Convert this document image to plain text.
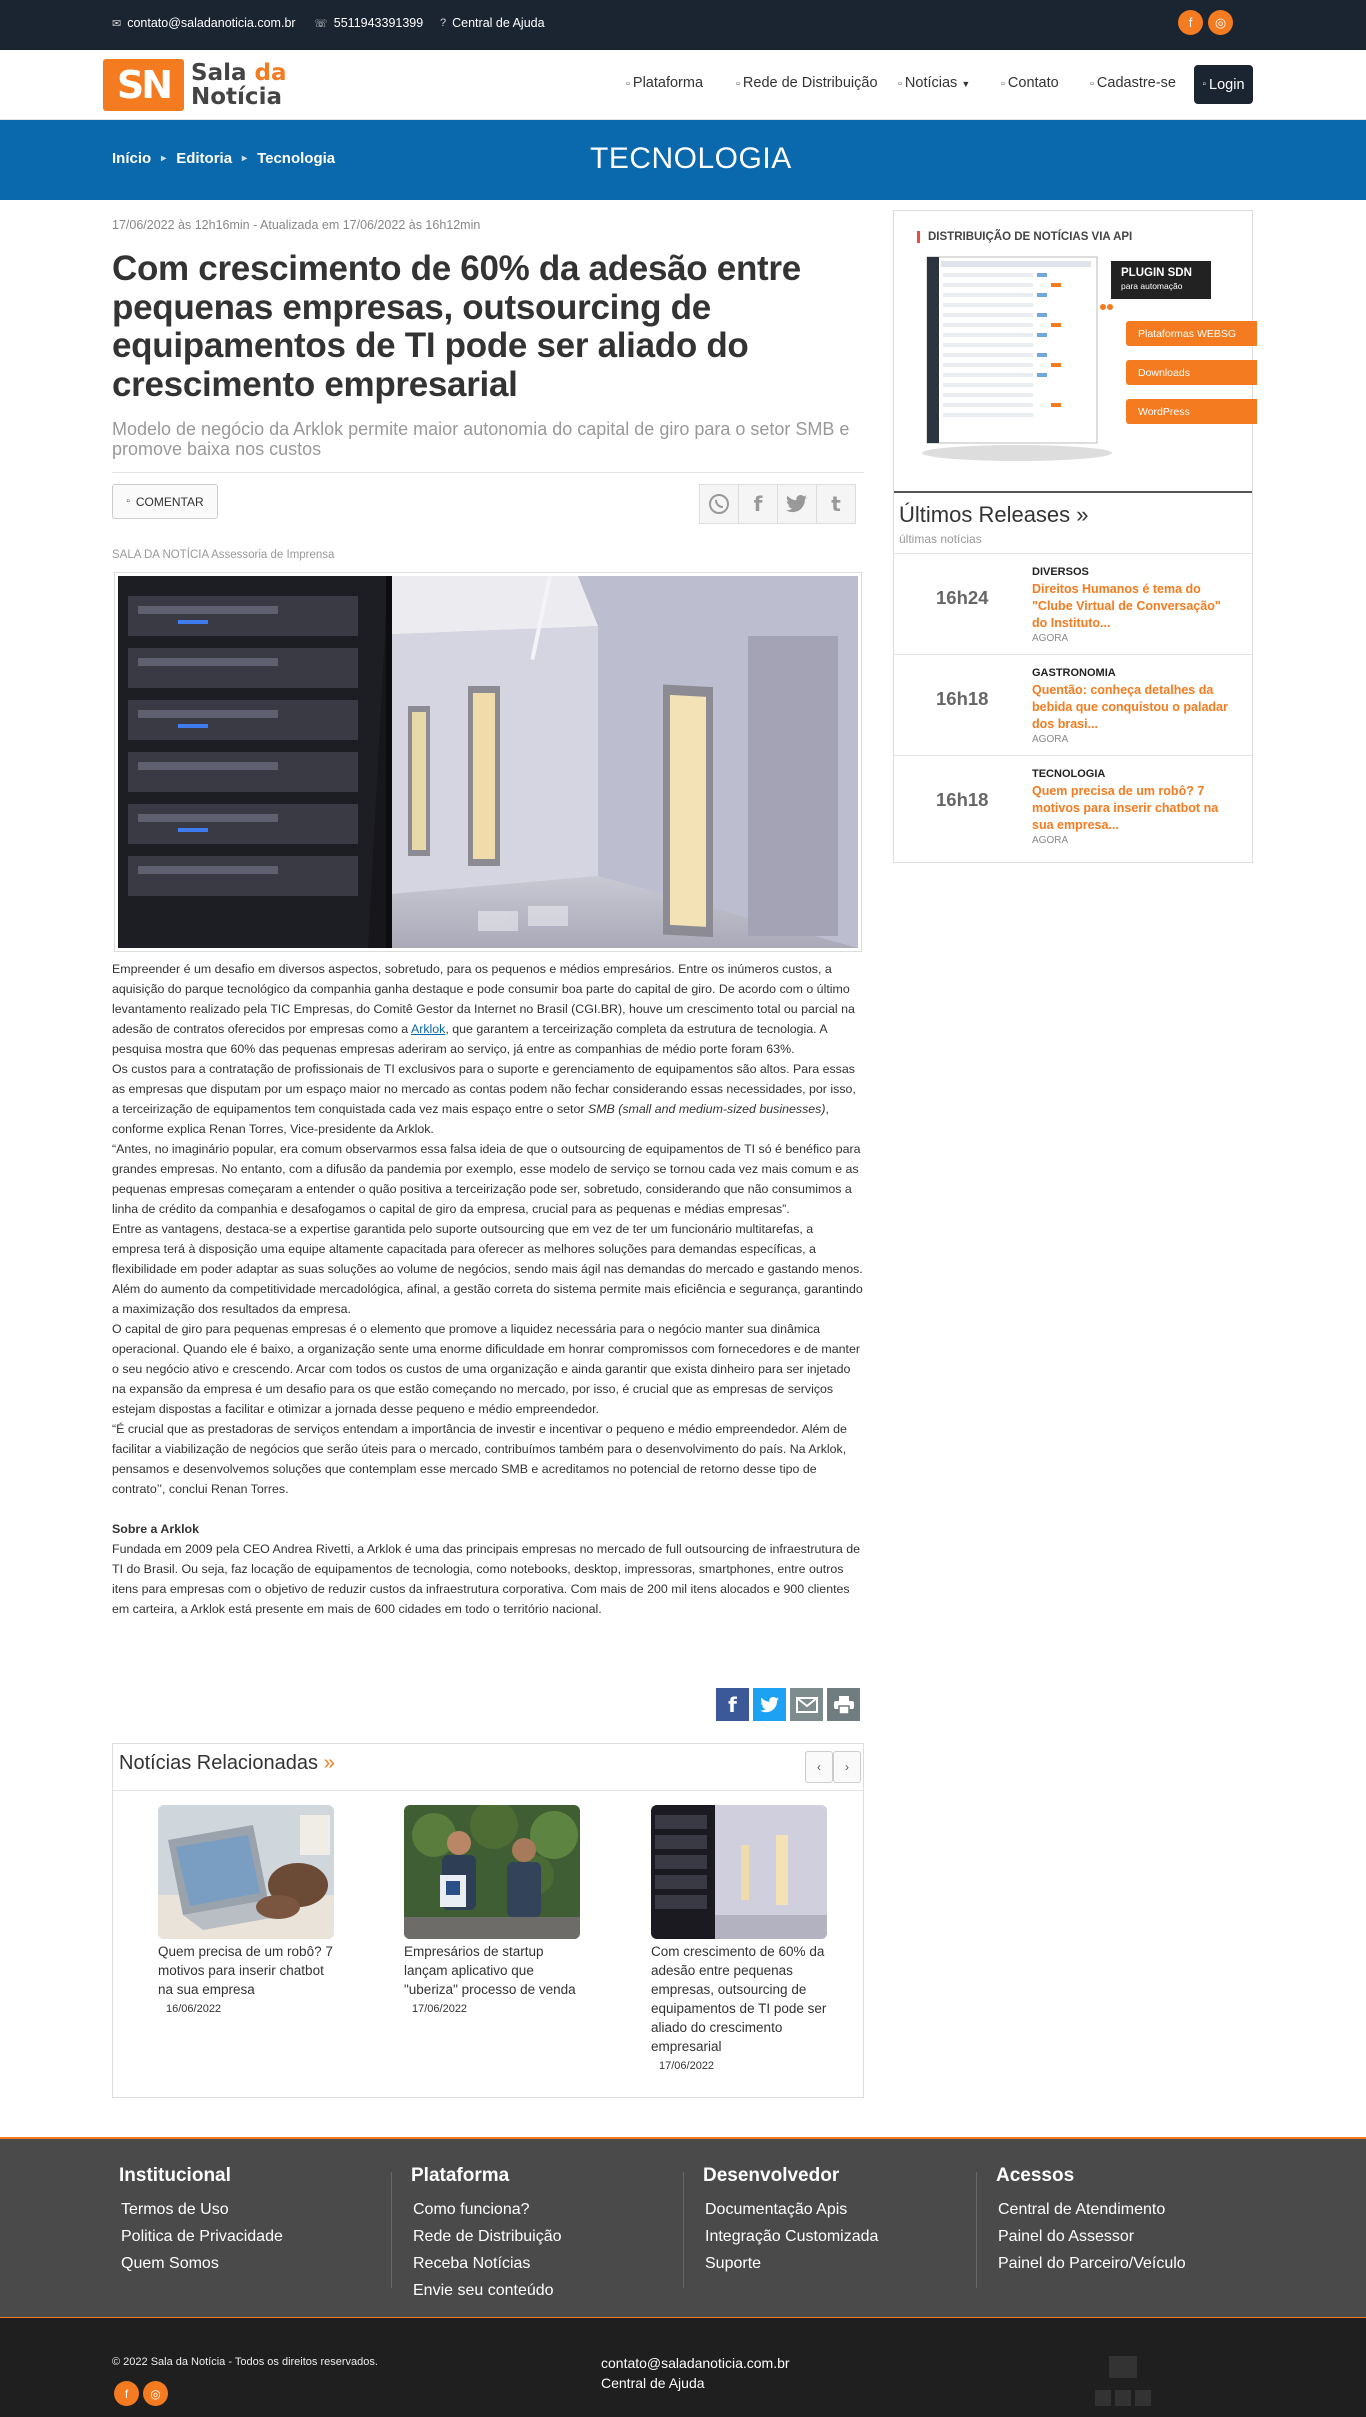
✉ contato@saladanoticia.com.br ☏ 5511943391399 ? Central de Ajuda	f	◎
SN Sala da
Notícia	▫ Plataforma	▫ Rede de Distribuição ▫ Notícias ▼	▫ Contato	▫ Cadastre-se	▫ Login
Início ▸ Editoria ▸ Tecnologia	TECNOLOGIA
17/06/2022 às 12h16min - Atualizada em 17/06/2022 às 16h12min
Com crescimento de 60% da adesão entre pequenas empresas, outsourcing de equipamentos de TI pode ser aliado do crescimento empresarial
Modelo de negócio da Arklok permite maior autonomia do capital de giro para o setor SMB e promove baixa nos custos
▫ COMENTAR	f	t
SALA DA NOTÍCIA Assessoria de Imprensa

Empreender é um desafio em diversos aspectos, sobretudo, para os pequenos e médios empresários. Entre os inúmeros custos, a aquisição do parque tecnológico da companhia ganha destaque e pode consumir boa parte do capital de giro. De acordo com o último levantamento realizado pela TIC Empresas, do Comitê Gestor da Internet no Brasil (CGI.BR), houve um crescimento total ou parcial na adesão de contratos oferecidos por empresas como a Arklok, que garantem a terceirização completa da estrutura de tecnologia. A pesquisa mostra que 60% das pequenas empresas aderiram ao serviço, já entre as companhias de médio porte foram 63%.

Os custos para a contratação de profissionais de TI exclusivos para o suporte e gerenciamento de equipamentos são altos. Para essas as empresas que disputam por um espaço maior no mercado as contas podem não fechar considerando essas necessidades, por isso, a terceirização de equipamentos tem conquistada cada vez mais espaço entre o setor SMB (small and medium-sized businesses), conforme explica Renan Torres, Vice-presidente da Arklok.

“Antes, no imaginário popular, era comum observarmos essa falsa ideia de que o outsourcing de equipamentos de TI só é benéfico para grandes empresas. No entanto, com a difusão da pandemia por exemplo, esse modelo de serviço se tornou cada vez mais comum e as pequenas empresas começaram a entender o quão positiva a terceirização pode ser, sobretudo, considerando que não consumimos a linha de crédito da companhia e desafogamos o capital de giro da empresa, crucial para as pequenas e médias empresas”.

Entre as vantagens, destaca-se a expertise garantida pelo suporte outsourcing que em vez de ter um funcionário multitarefas, a empresa terá à disposição uma equipe altamente capacitada para oferecer as melhores soluções para demandas específicas, a flexibilidade em poder adaptar as suas soluções ao volume de negócios, sendo mais ágil nas demandas do mercado e gastando menos. Além do aumento da competitividade mercadológica, afinal, a gestão correta do sistema permite mais eficiência e segurança, garantindo a maximização dos resultados da empresa.

O capital de giro para pequenas empresas é o elemento que promove a liquidez necessária para o negócio manter sua dinâmica operacional. Quando ele é baixo, a organização sente uma enorme dificuldade em honrar compromissos com fornecedores e de manter o seu negócio ativo e crescendo. Arcar com todos os custos de uma organização e ainda garantir que exista dinheiro para ser injetado na expansão da empresa é um desafio para os que estão começando no mercado, por isso, é crucial que as empresas de serviços estejam dispostas a facilitar e otimizar a jornada desse pequeno e médio empreendedor.

“É crucial que as prestadoras de serviços entendam a importância de investir e incentivar o pequeno e médio empreendedor. Além de facilitar a viabilização de negócios que serão úteis para o mercado, contribuímos também para o desenvolvimento do país. Na Arklok, pensamos e desenvolvemos soluções que contemplam esse mercado SMB e acreditamos no potencial de retorno desse tipo de contrato’’, conclui Renan Torres.

Sobre a Arklok

Fundada em 2009 pela CEO Andrea Rivetti, a Arklok é uma das principais empresas no mercado de full outsourcing de infraestrutura de TI do Brasil. Ou seja, faz locação de equipamentos de tecnologia, como notebooks, desktop, impressoras, smartphones, entre outros itens para empresas com o objetivo de reduzir custos da infraestrutura corporativa. Com mais de 200 mil itens alocados e 900 clientes em carteira, a Arklok está presente em mais de 600 cidades em todo o território nacional.

f
Notícias Relacionadas »	‹ ›
Quem precisa de um robô? 7 motivos para inserir chatbot na sua empresa
16/06/2022
Empresários de startup lançam aplicativo que "uberiza" processo de venda
17/06/2022
Com crescimento de 60% da adesão entre pequenas empresas, outsourcing de equipamentos de TI pode ser aliado do crescimento empresarial
17/06/2022
DISTRIBUIÇÃO DE NOTÍCIAS VIA API
PLUGIN SDN
para automação
Plataformas WEBSG
Downloads
WordPress
Últimos Releases »
últimas notícias
16h24
DIVERSOS
Direitos Humanos é tema do "Clube Virtual de Conversação" do Instituto...
AGORA
16h18
GASTRONOMIA
Quentão: conheça detalhes da bebida que conquistou o paladar dos brasi...
AGORA
16h18
TECNOLOGIA
Quem precisa de um robô? 7 motivos para inserir chatbot na sua empresa...
AGORA
Institucional
Termos de Uso
Politica de Privacidade
Quem Somos
Plataforma
Como funciona?
Rede de Distribuição
Receba Notícias
Envie seu conteúdo
Desenvolvedor
Documentação Apis
Integração Customizada
Suporte
Acessos
Central de Atendimento
Painel do Assessor
Painel do Parceiro/Veículo
© 2022 Sala da Notícia - Todos os direitos reservados.
f	◎
contato@saladanoticia.com.br
Central de Ajuda
